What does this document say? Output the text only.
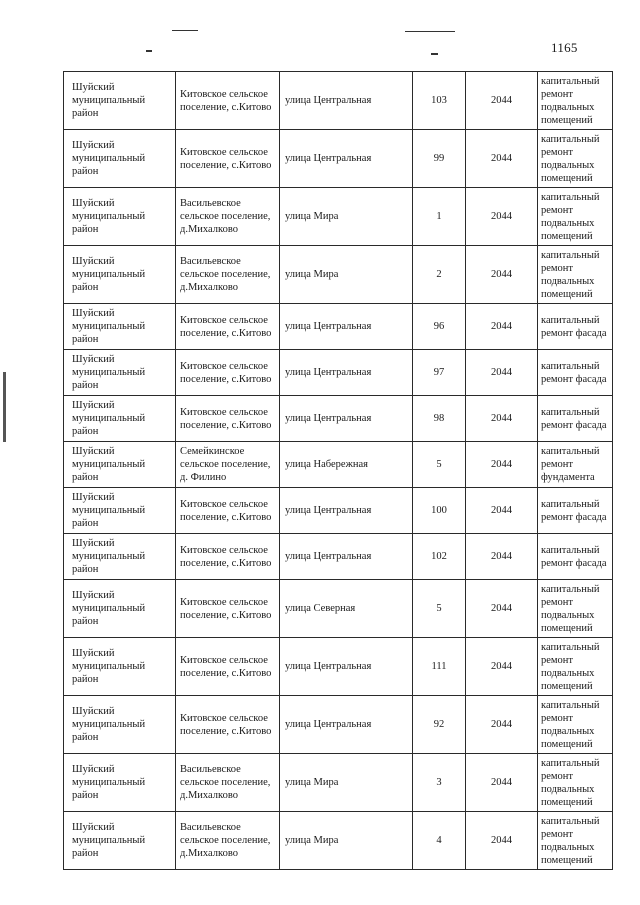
1165
Шуйский муниципальный район	Китовское сельское поселение, с.Китово	улица Центральная	103	2044	капитальный ремонт подвальных помещений
Шуйский муниципальный район	Китовское сельское поселение, с.Китово	улица Центральная	99	2044	капитальный ремонт подвальных помещений
Шуйский муниципальный район	Васильевское сельское поселение, д.Михалково	улица Мира	1	2044	капитальный ремонт подвальных помещений
Шуйский муниципальный район	Васильевское сельское поселение, д.Михалково	улица Мира	2	2044	капитальный ремонт подвальных помещений
Шуйский муниципальный район	Китовское сельское поселение, с.Китово	улица Центральная	96	2044	капитальный ремонт фасада
Шуйский муниципальный район	Китовское сельское поселение, с.Китово	улица Центральная	97	2044	капитальный ремонт фасада
Шуйский муниципальный район	Китовское сельское поселение, с.Китово	улица Центральная	98	2044	капитальный ремонт фасада
Шуйский муниципальный район	Семейкинское сельское поселение, д. Филино	улица Набережная	5	2044	капитальный ремонт фундамента
Шуйский муниципальный район	Китовское сельское поселение, с.Китово	улица Центральная	100	2044	капитальный ремонт фасада
Шуйский муниципальный район	Китовское сельское поселение, с.Китово	улица Центральная	102	2044	капитальный ремонт фасада
Шуйский муниципальный район	Китовское сельское поселение, с.Китово	улица Северная	5	2044	капитальный ремонт подвальных помещений
Шуйский муниципальный район	Китовское сельское поселение, с.Китово	улица Центральная	111	2044	капитальный ремонт подвальных помещений
Шуйский муниципальный район	Китовское сельское поселение, с.Китово	улица Центральная	92	2044	капитальный ремонт подвальных помещений
Шуйский муниципальный район	Васильевское сельское поселение, д.Михалково	улица Мира	3	2044	капитальный ремонт подвальных помещений
Шуйский муниципальный район	Васильевское сельское поселение, д.Михалково	улица Мира	4	2044	капитальный ремонт подвальных помещений
